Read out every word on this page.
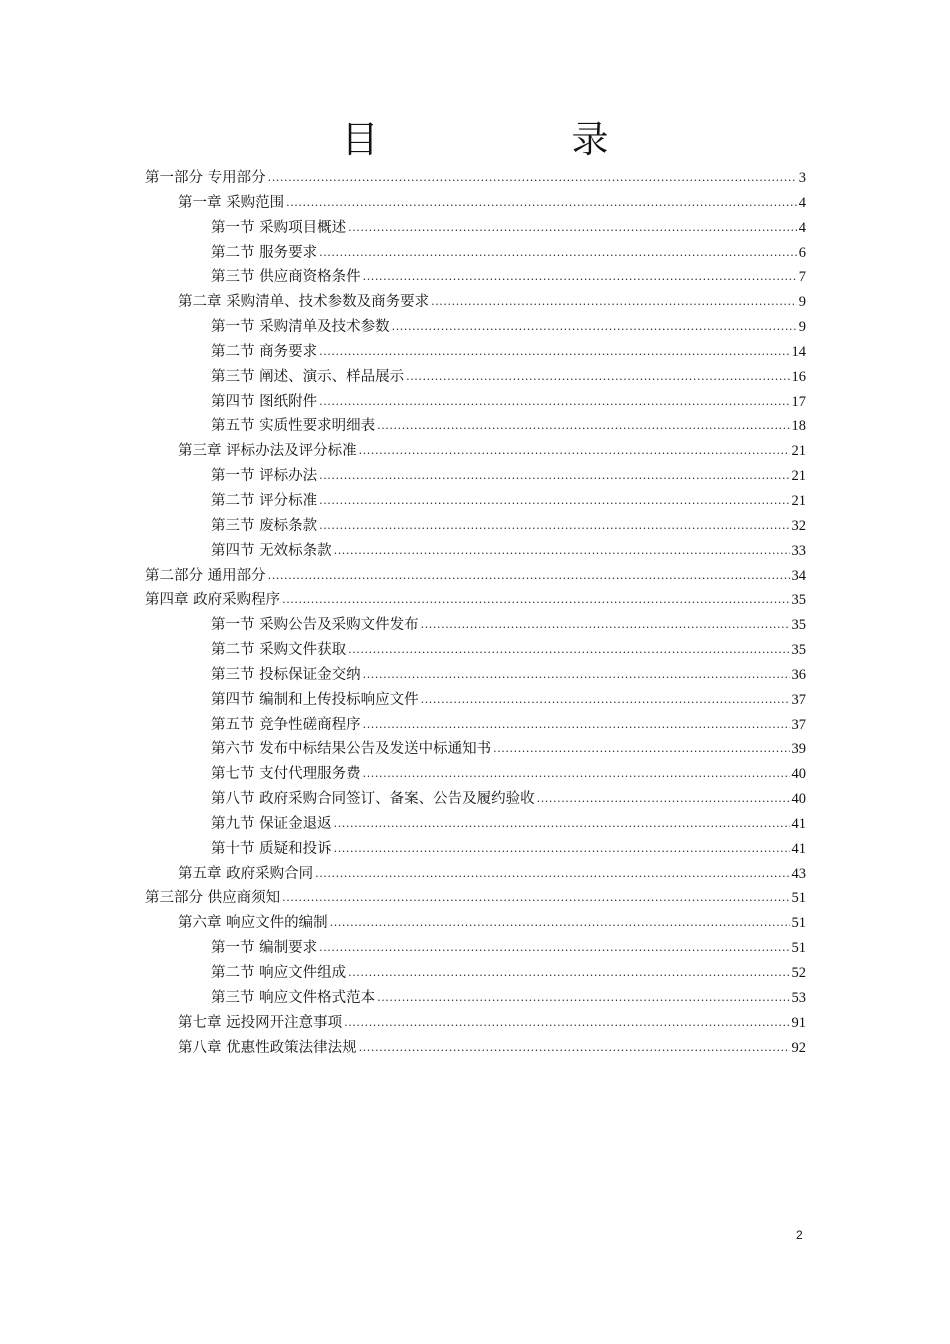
目　录
第一部分 专用部分 .....	3
第一章 采购范围 .....	4
第一节 采购项目概述 .....	4
第二节 服务要求 .....	6
第三节 供应商资格条件 .....	7
第二章 采购清单、技术参数及商务要求 .....	9
第一节 采购清单及技术参数 .....	9
第二节 商务要求 .....	14
第三节 阐述、演示、样品展示 .....	16
第四节 图纸附件 .....	17
第五节 实质性要求明细表 .....	18
第三章 评标办法及评分标准 .....	21
第一节 评标办法 .....	21
第二节 评分标准 .....	21
第三节 废标条款 .....	32
第四节 无效标条款 .....	33
第二部分 通用部分 .....	34
第四章 政府采购程序 .....	35
第一节 采购公告及采购文件发布 .....	35
第二节 采购文件获取 .....	35
第三节 投标保证金交纳 .....	36
第四节 编制和上传投标响应文件 .....	37
第五节 竞争性磋商程序 .....	37
第六节 发布中标结果公告及发送中标通知书 .....	39
第七节 支付代理服务费 .....	40
第八节 政府采购合同签订、备案、公告及履约验收 .....	40
第九节 保证金退返 .....	41
第十节 质疑和投诉 .....	41
第五章 政府采购合同 .....	43
第三部分 供应商须知 .....	51
第六章 响应文件的编制 .....	51
第一节 编制要求 .....	51
第二节 响应文件组成 .....	52
第三节 响应文件格式范本 .....	53
第七章 远投网开注意事项 .....	91
第八章 优惠性政策法律法规 .....	92
2
